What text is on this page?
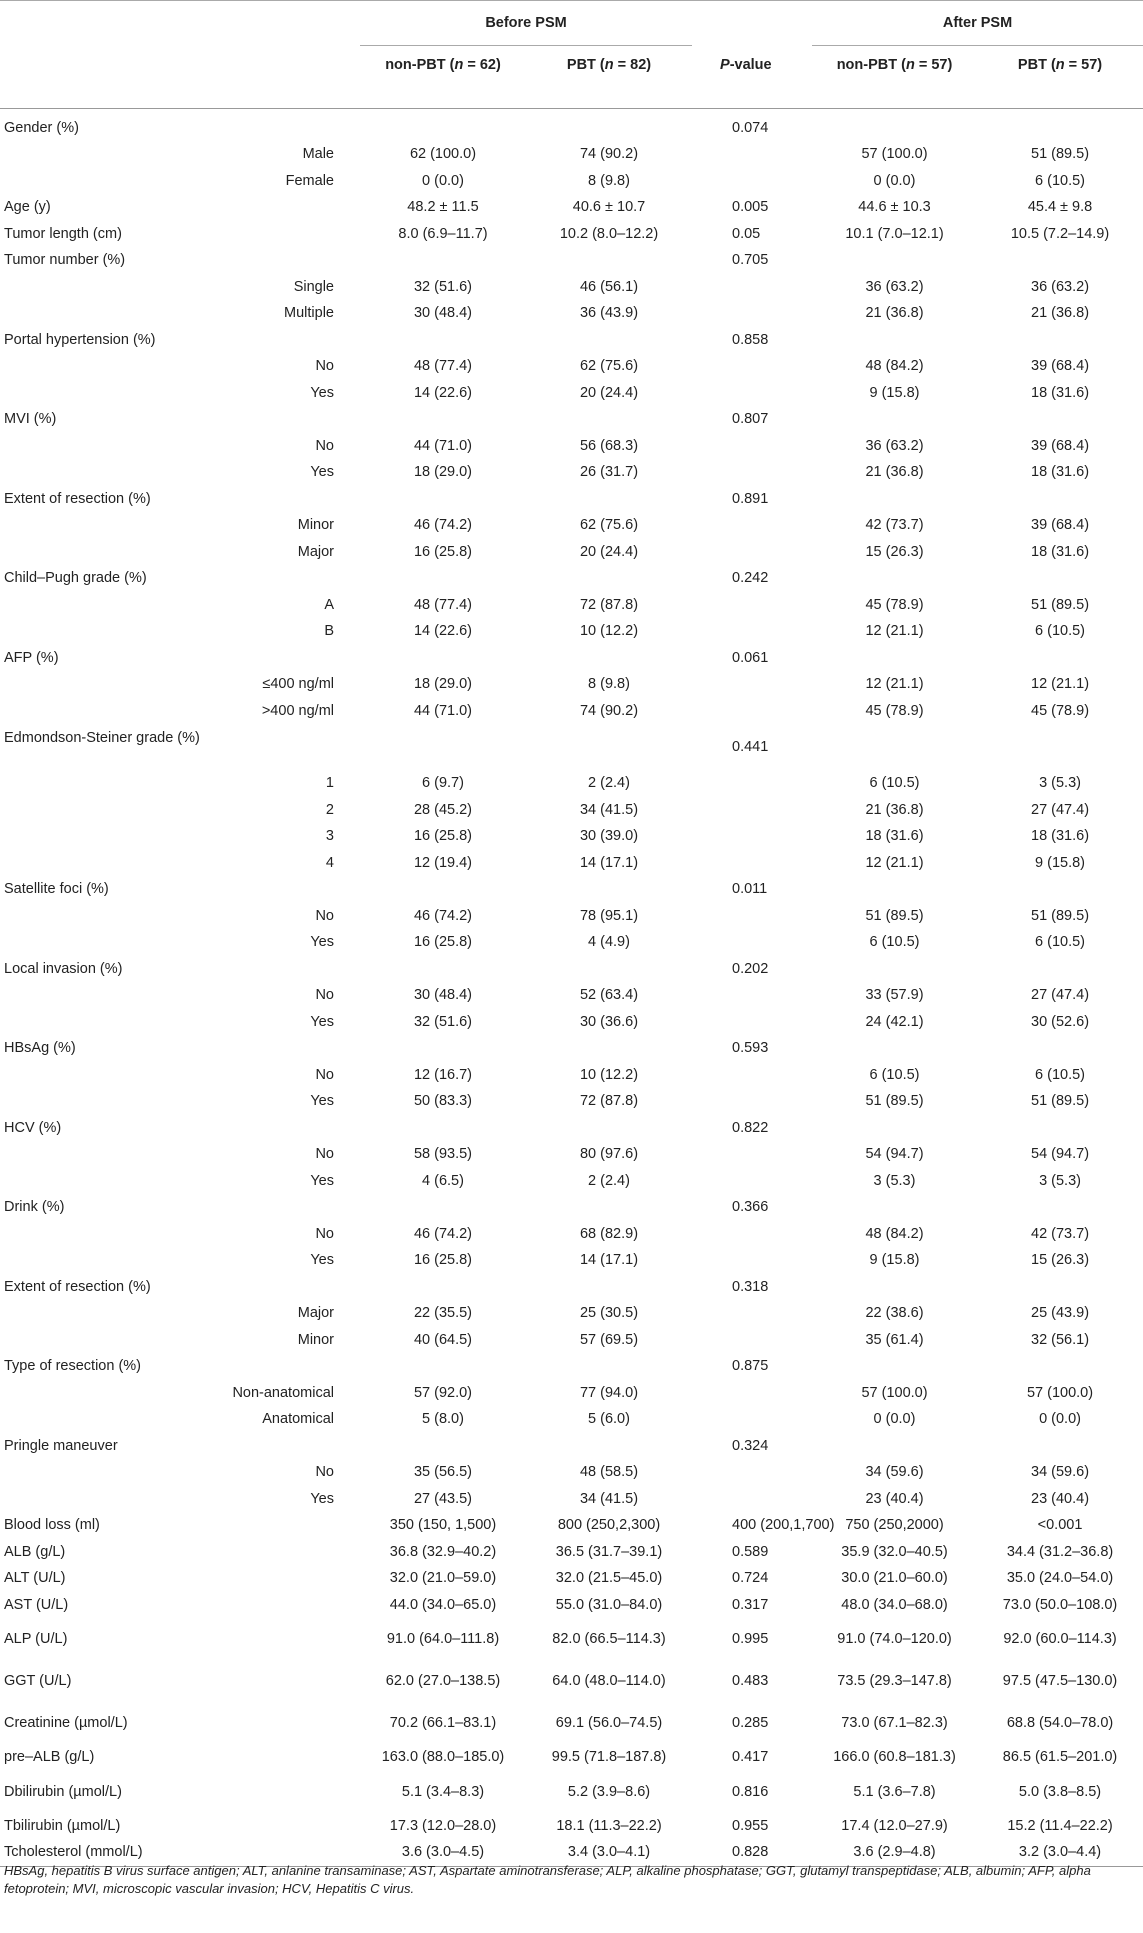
		Before PSM			After PSM	
		non-PBT (n = 62)	PBT (n = 82)	P-value	non-PBT (n = 57)	PBT (n = 57)
Gender (%)				0.074		
	Male	62 (100.0)	74 (90.2)		57 (100.0)	51 (89.5)
	Female	0 (0.0)	8 (9.8)		0 (0.0)	6 (10.5)
Age (y)		48.2 ± 11.5	40.6 ± 10.7	0.005	44.6 ± 10.3	45.4 ± 9.8
Tumor length (cm)		8.0 (6.9–11.7)	10.2 (8.0–12.2)	0.05	10.1 (7.0–12.1)	10.5 (7.2–14.9)
Tumor number (%)				0.705		
	Single	32 (51.6)	46 (56.1)		36 (63.2)	36 (63.2)
	Multiple	30 (48.4)	36 (43.9)		21 (36.8)	21 (36.8)
Portal hypertension (%)				0.858		
	No	48 (77.4)	62 (75.6)		48 (84.2)	39 (68.4)
	Yes	14 (22.6)	20 (24.4)		9 (15.8)	18 (31.6)
MVI (%)				0.807		
	No	44 (71.0)	56 (68.3)		36 (63.2)	39 (68.4)
	Yes	18 (29.0)	26 (31.7)		21 (36.8)	18 (31.6)
Extent of resection (%)				0.891		
	Minor	46 (74.2)	62 (75.6)		42 (73.7)	39 (68.4)
	Major	16 (25.8)	20 (24.4)		15 (26.3)	18 (31.6)
Child–Pugh grade (%)				0.242		
	A	48 (77.4)	72 (87.8)		45 (78.9)	51 (89.5)
	B	14 (22.6)	10 (12.2)		12 (21.1)	6 (10.5)
AFP (%)				0.061		
	≤400 ng/ml	18 (29.0)	8 (9.8)		12 (21.1)	12 (21.1)
	>400 ng/ml	44 (71.0)	74 (90.2)		45 (78.9)	45 (78.9)
Edmondson-Steiner grade (%)				0.441		
	1	6 (9.7)	2 (2.4)		6 (10.5)	3 (5.3)
	2	28 (45.2)	34 (41.5)		21 (36.8)	27 (47.4)
	3	16 (25.8)	30 (39.0)		18 (31.6)	18 (31.6)
	4	12 (19.4)	14 (17.1)		12 (21.1)	9 (15.8)
Satellite foci (%)				0.011		
	No	46 (74.2)	78 (95.1)		51 (89.5)	51 (89.5)
	Yes	16 (25.8)	4 (4.9)		6 (10.5)	6 (10.5)
Local invasion (%)				0.202		
	No	30 (48.4)	52 (63.4)		33 (57.9)	27 (47.4)
	Yes	32 (51.6)	30 (36.6)		24 (42.1)	30 (52.6)
HBsAg (%)				0.593		
	No	12 (16.7)	10 (12.2)		6 (10.5)	6 (10.5)
	Yes	50 (83.3)	72 (87.8)		51 (89.5)	51 (89.5)
HCV (%)				0.822		
	No	58 (93.5)	80 (97.6)		54 (94.7)	54 (94.7)
	Yes	4 (6.5)	2 (2.4)		3 (5.3)	3 (5.3)
Drink (%)				0.366		
	No	46 (74.2)	68 (82.9)		48 (84.2)	42 (73.7)
	Yes	16 (25.8)	14 (17.1)		9 (15.8)	15 (26.3)
Extent of resection (%)				0.318		
	Major	22 (35.5)	25 (30.5)		22 (38.6)	25 (43.9)
	Minor	40 (64.5)	57 (69.5)		35 (61.4)	32 (56.1)
Type of resection (%)				0.875		
	Non-anatomical	57 (92.0)	77 (94.0)		57 (100.0)	57 (100.0)
	Anatomical	5 (8.0)	5 (6.0)		0 (0.0)	0 (0.0)
Pringle maneuver				0.324		
	No	35 (56.5)	48 (58.5)		34 (59.6)	34 (59.6)
	Yes	27 (43.5)	34 (41.5)		23 (40.4)	23 (40.4)
Blood loss (ml)		350 (150, 1,500)	800 (250,2,300)	400 (200,1,700)	750 (250,2000)	<0.001
ALB (g/L)		36.8 (32.9–40.2)	36.5 (31.7–39.1)	0.589	35.9 (32.0–40.5)	34.4 (31.2–36.8)
ALT (U/L)		32.0 (21.0–59.0)	32.0 (21.5–45.0)	0.724	30.0 (21.0–60.0)	35.0 (24.0–54.0)
AST (U/L)		44.0 (34.0–65.0)	55.0 (31.0–84.0)	0.317	48.0 (34.0–68.0)	73.0 (50.0–108.0)
ALP (U/L)		91.0 (64.0–111.8)	82.0 (66.5–114.3)	0.995	91.0 (74.0–120.0)	92.0 (60.0–114.3)
GGT (U/L)		62.0 (27.0–138.5)	64.0 (48.0–114.0)	0.483	73.5 (29.3–147.8)	97.5 (47.5–130.0)
Creatinine (µmol/L)		70.2 (66.1–83.1)	69.1 (56.0–74.5)	0.285	73.0 (67.1–82.3)	68.8 (54.0–78.0)
pre–ALB (g/L)		163.0 (88.0–185.0)	99.5 (71.8–187.8)	0.417	166.0 (60.8–181.3)	86.5 (61.5–201.0)
Dbilirubin (µmol/L)		5.1 (3.4–8.3)	5.2 (3.9–8.6)	0.816	5.1 (3.6–7.8)	5.0 (3.8–8.5)
Tbilirubin (µmol/L)		17.3 (12.0–28.0)	18.1 (11.3–22.2)	0.955	17.4 (12.0–27.9)	15.2 (11.4–22.2)
Tcholesterol (mmol/L)		3.6 (3.0–4.5)	3.4 (3.0–4.1)	0.828	3.6 (2.9–4.8)	3.2 (3.0–4.4)
HBsAg, hepatitis B virus surface antigen; ALT, anlanine transaminase; AST, Aspartate aminotransferase; ALP, alkaline phosphatase; GGT, glutamyl transpeptidase; ALB, albumin; AFP, alpha fetoprotein; MVI, microscopic vascular invasion; HCV, Hepatitis C virus.
